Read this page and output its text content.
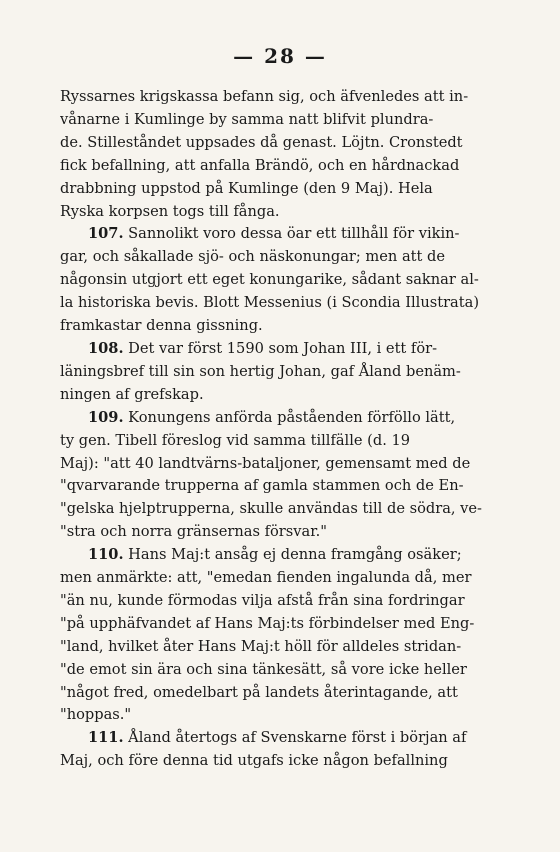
— 28 —
Ryssarnes krigskassa befann sig, och äfvenledes att in-
vånarne i Kumlinge by samma natt blifvit plundra-
de. Stilleståndet uppsades då genast. Löjtn. Cronstedt
fick befallning, att anfalla Brändö, och en hårdnackad
drabbning uppstod på Kumlinge (den 9 Maj). Hela
Ryska korpsen togs till fånga.
107. Sannolikt voro dessa öar ett tillhåll för vikin-
gar, och såkallade sjö- och näskonungar; men att de
någonsin utgjort ett eget konungarike, sådant saknar al-
la historiska bevis. Blott Messenius (i Scondia Illustrata)
framkastar denna gissning.
108. Det var först 1590 som Johan III, i ett för-
läningsbref till sin son hertig Johan, gaf Åland benäm-
ningen af grefskap.
109. Konungens anförda påståenden förföllo lätt,
ty gen. Tibell föreslog vid samma tillfälle (d. 19
Maj): "att 40 landtvärns-bataljoner, gemensamt med de
"qvarvarande trupperna af gamla stammen och de En-
"gelska hjelptrupperna, skulle användas till de södra, ve-
"stra och norra gränsernas försvar."
110. Hans Maj:t ansåg ej denna framgång osäker;
men anmärkte: att, "emedan fienden ingalunda då, mer
"än nu, kunde förmodas vilja afstå från sina fordringar
"på upphäfvandet af Hans Maj:ts förbindelser med Eng-
"land, hvilket åter Hans Maj:t höll för alldeles stridan-
"de emot sin ära och sina tänkesätt, så vore icke heller
"något fred, omedelbart på landets återintagande, att
"hoppas."
111. Åland återtogs af Svenskarne först i början af
Maj, och före denna tid utgafs icke någon befallning
